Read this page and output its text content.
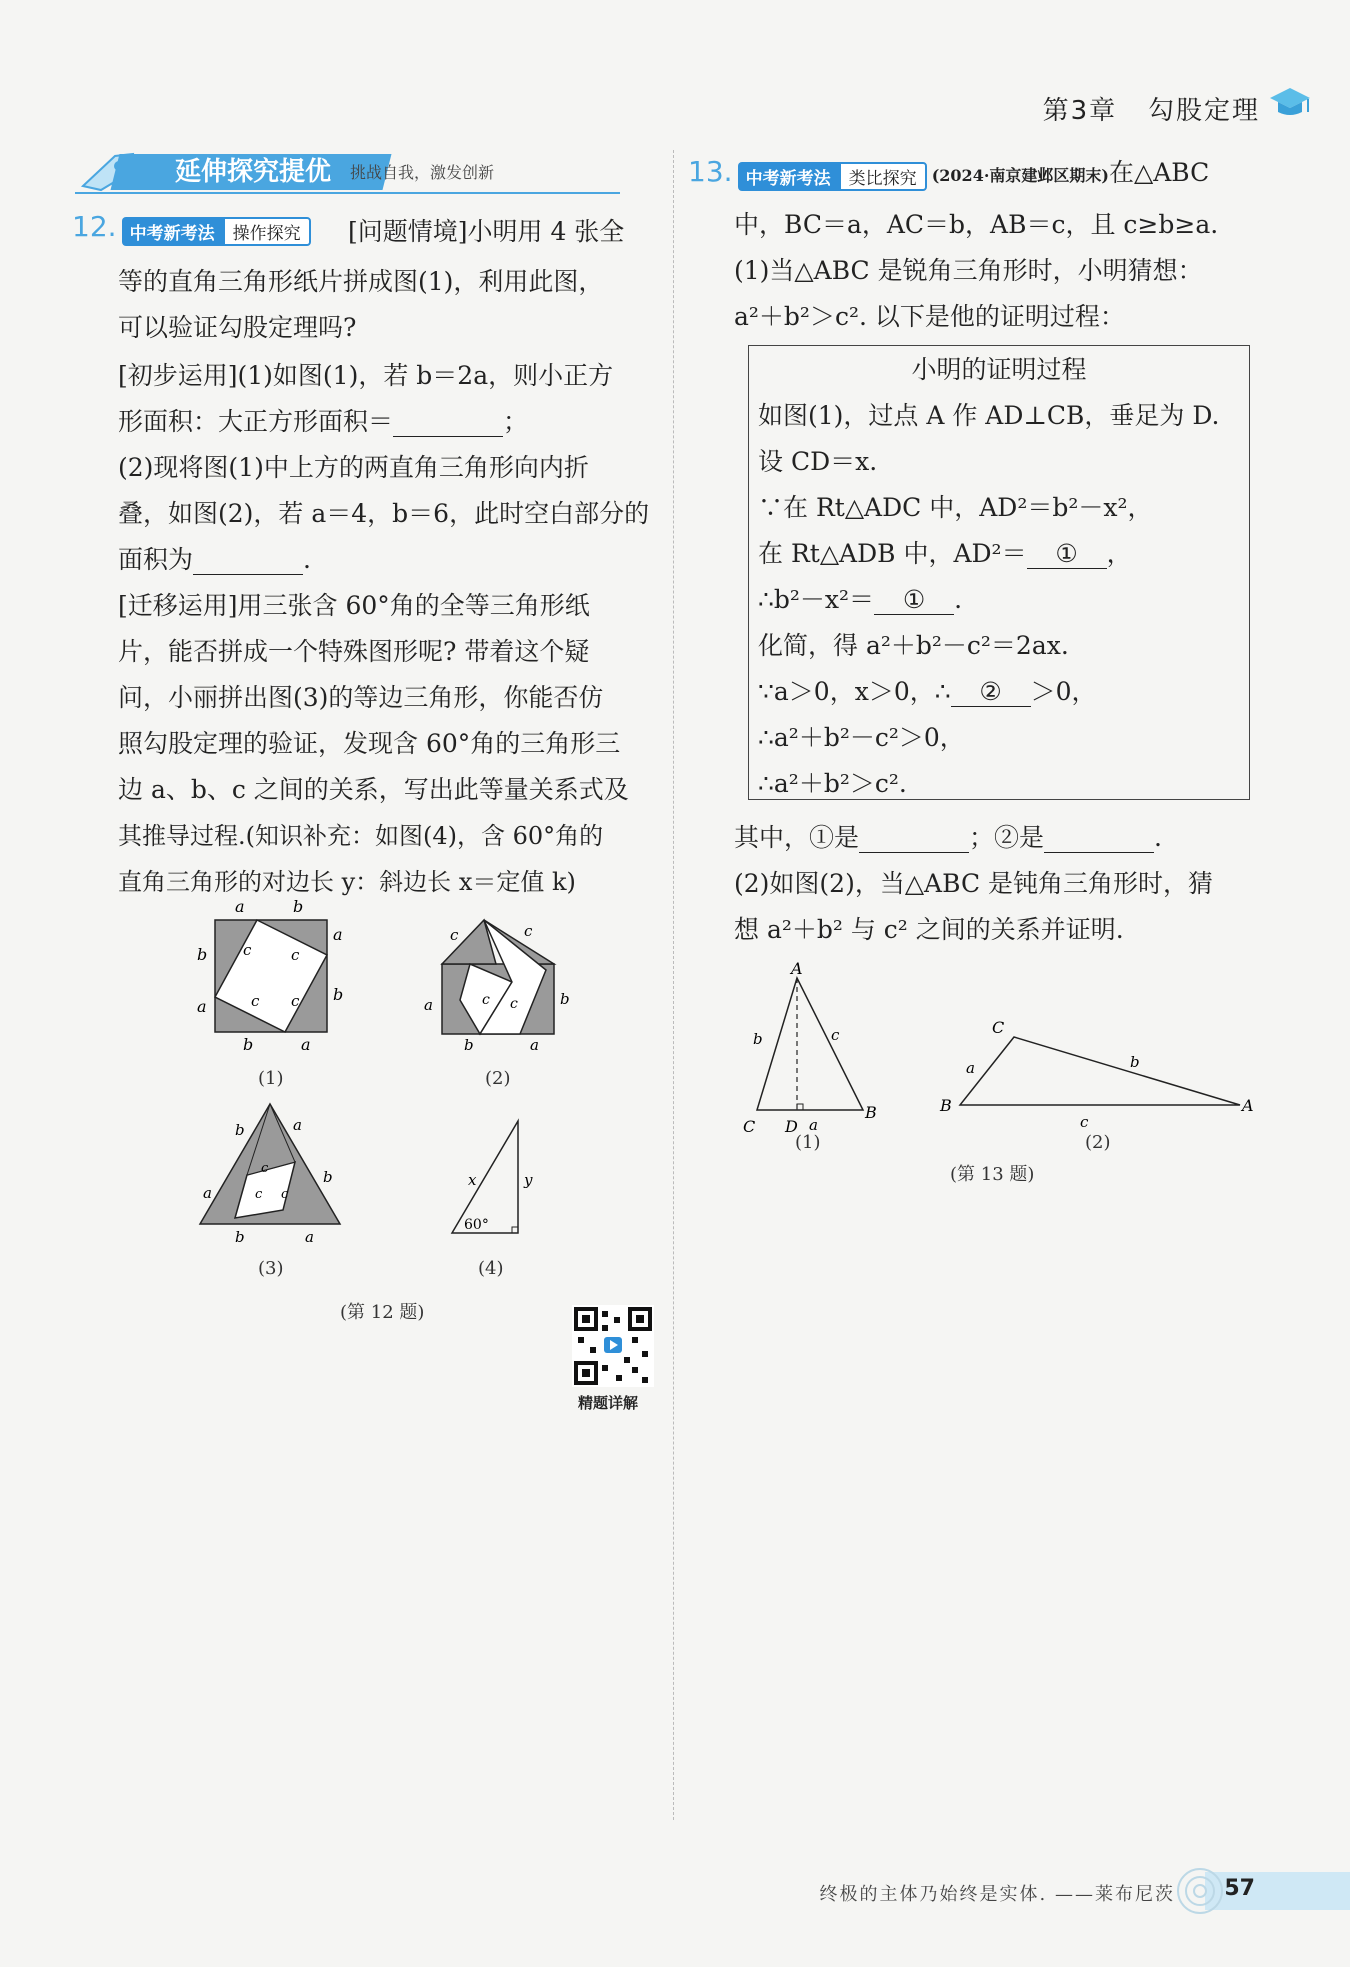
第3章 勾股定理
延伸探究提优	挑战自我，激发创新
12. 中考新考法 操作探究	[问题情境]小明用 4 张全
等的直角三角形纸片拼成图(1)，利用此图，
可以验证勾股定理吗?
[初步运用](1)如图(1)，若 b＝2a，则小正方
形面积：大正方形面积＝	；
(2)现将图(1)中上方的两直角三角形向内折
叠，如图(2)，若 a＝4，b＝6，此时空白部分的
面积为	.
[迁移运用]用三张含 60°角的全等三角形纸
片，能否拼成一个特殊图形呢? 带着这个疑
问，小丽拼出图(3)的等边三角形，你能否仿
照勾股定理的验证，发现含 60°角的三角形三
边 a、b、c 之间的关系，写出此等量关系式及
其推导过程.(知识补充：如图(4)，含 60°角的
直角三角形的对边长 y：斜边长 x＝定值 k)
a	b
a
b
b
a
b	a
c	c
c c
(1)
c	c
a	b
b	a
c c
(2)
b	a
a
b
b	a
c
c c
(3)
x	y
60°
(4)
(第 12 题)
精题详解
13. 中考新考法 类比探究 (2024·南京建邺区期末)在△ABC
中，BC＝a，AC＝b，AB＝c，且 c≥b≥a.
(1)当△ABC 是锐角三角形时，小明猜想：
a²＋b²＞c². 以下是他的证明过程：
小明的证明过程
如图(1)，过点 A 作 AD⊥CB，垂足为 D.
设 CD＝x.
∵在 Rt△ADC 中，AD²＝b²－x²，
在 Rt△ADB 中，AD²＝ ① ，
∴b²－x²＝ ① .
化简，得 a²＋b²－c²＝2ax.
∵a＞0，x＞0，∴ ② ＞0，
∴a²＋b²－c²＞0，
∴a²＋b²＞c².
其中，①是	；②是	.
(2)如图(2)，当△ABC 是钝角三角形时，猜
想 a²＋b² 与 c² 之间的关系并证明.
A
b	c
C D a
B
(1)
C
a	b
B	A
c
(2)
(第 13 题)
终极的主体乃始终是实体. ——莱布尼茨 57
